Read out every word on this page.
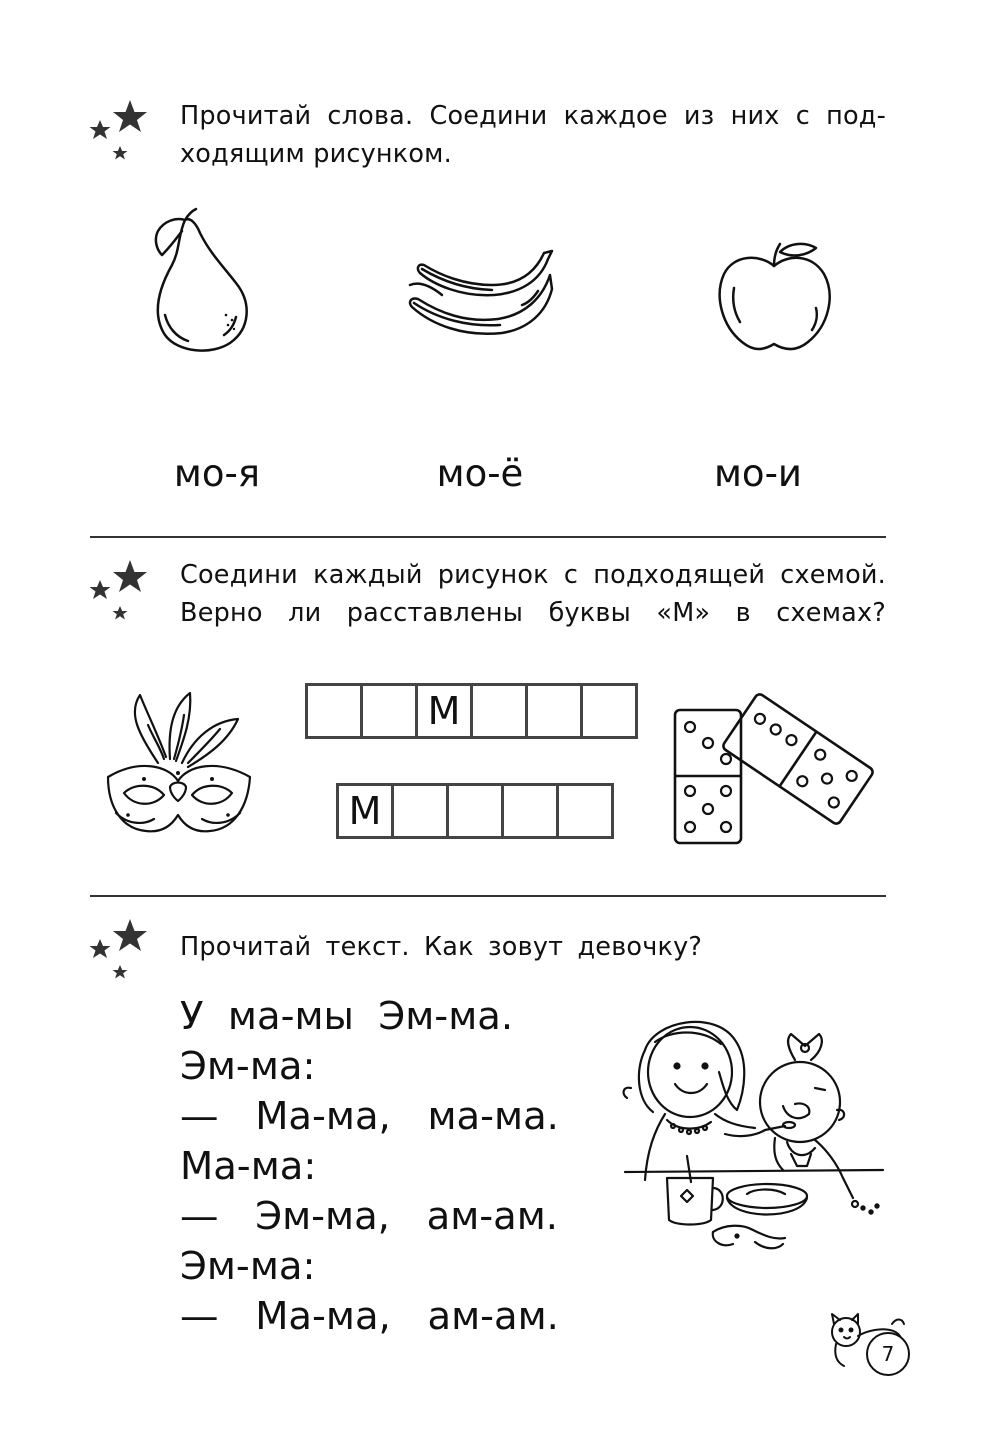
Прочитай слова. Соедини каждое из них с под-
ходящим рисунком.
мо-я	мо-ё	мо-и
Соедини каждый рисунок с подходящей схемой.
Верно ли расставлены буквы «М» в схемах?
М
М
Прочитай текст. Как зовут девочку?
У  ма-мы  Эм-ма.
Эм-ма:
—   Ма-ма,   ма-ма.
Ма-ма:
—   Эм-ма,   ам-ам.
Эм-ма:
—   Ма-ма,   ам-ам.
7
